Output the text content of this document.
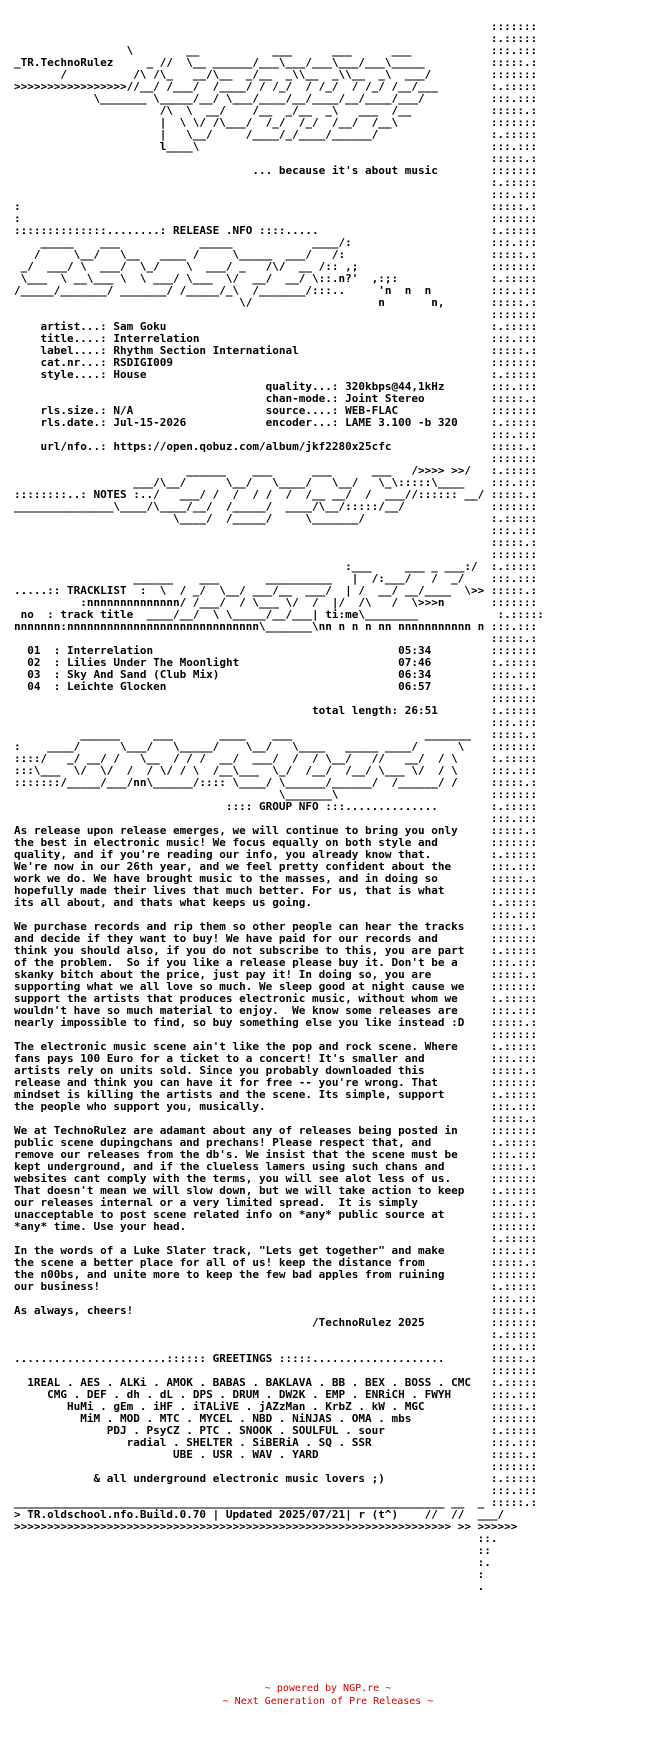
:::::::
:.:::::
\        __           ___      ___      ___            :::.:::
_TR.TechnoRulez	_ //  \__ ______/___\___/___\___/___\_____          :::::.:
/          /\ /\_   __/\__  _/__  _\\__  _\\__  _\  ___/         :::::::
>>>>>>>>>>>>>>>>>//__/ /___/  /____/ / /_/  / /_/  / /_/ /__/___        :.:::::
\_______ \_____/__/ \___/____/__/____/__/____/___/          :::.:::
/\  \  __/    /__  _/__  _\   ___  /__            :::::.:
|  \ \/ /\___/  /_/  /_/  /__/  /__\              :::::::
|   \__/     /____/_/____/______/                 :.:::::
l____\                                            :::.:::
:::::.:
... because it's about music	:::::::
:.:::::
:::.:::
:                                                                       :::::.:
:                                                                       :::::::
::::::::::::::........: RELEASE .NFO ::::.....	:.:::::
_____    ___            _____            ____/:                     :::.:::
/     \__/   \__   ____ /     \_____  ___/   /:                      :::::.:
_/  ___/ \  ___/  \_/    \  ___/ _   /\/  __ /:: ,;                    :::::::
\___  \ __\___ \  \ ___/ \___  \/  __/  __/ \::.n?'  ,:;:              :.:::::
/_____/_______/ _______/ /_____/_\  /_______/:::..     'n  n  n         :::.:::
\/                   n       n,       :::::.:
:::::::
artist...: Sam Goku	:.:::::
title....: Interrelation	:::.:::
label....: Rhythm Section International	:::::.:
cat.nr...: RSDIGI009	:::::::
style....: House	:.:::::
quality...: 320kbps@44,1kHz	:::.:::
chan-mode.: Joint Stereo	:::::.:
rls.size.: N/A                    source....: WEB-FLAC	:::::::
rls.date.: Jul-15-2026            encoder...: LAME 3.100 -b 320	:.:::::
:::.:::
url/nfo..: https://open.qobuz.com/album/jkf2280x25cfc	:::::.:
:::::::
______    ___      ___      ___   />>>> >>/   :.:::::
___/\__/      \__/   \____/   \__/   \_\:::::\____    :::.:::
::::::::..: NOTES :../   ___/ /  /  / /  /  /__ __/  /  ___//:::::: __/ :::::.:
_______________\____/\____/__/  /_____/  ____/\__/:::::/__/             :::::::
\____/  /_____/     \_______/                   :.:::::
:::.:::
:::::.:
:::::::
:___     ___ _ ___:/  :.:::::
______    ___       __________   |  /:___/   /  _/    :::.:::
.....:: TRACKLIST  :  \  / _/  \__/ ___/__  ___/  | /  __/ __/____  \>> :::::.:
:nnnnnnnnnnnnnn/ /___/  / \___ \/  /  |/  /\   /  \>>>n       :::::::
no : track title  ____/__/  \ \_____/__/___| ti:me\________            :.:::::
nnnnnnn:nnnnnnnnnnnnnnnnnnnnnnnnnnnnn\_______\nn n n n nn nnnnnnnnnnn n :::.:::
:::::.:
01  : Interrelation	05:34	:::::::
02  : Lilies Under The Moonlight	07:46	:.:::::
03  : Sky And Sand (Club Mix)	06:34	:::.:::
04  : Leichte Glocken	06:57	:::::.:
:::::::
total length: 26:51	:.:::::
:::.:::
______     ___       ____    ___                    _______   :::::.:
:    ____/      \___/   \_____/    \__/   \____   _____ ____/      \    :::::::
::::/   _/ __/ /   \__  / / /  __/  ___/  /  / \__/   //   __/  / \     :.:::::
:::\___  \/  \/  /  / \/ / \  /__\___  \_/  /__/  /__/ \___ \/  / \     :::.:::
:::::::/_____/___/nn\______/:::: \____/ \______/______/  /______/ /     :::::.:
\_______\                       :::::::
:::: GROUP NFO :::..............	:.:::::
:::.:::
As release upon release emerges, we will continue to bring you only
the best in electronic music! We focus equally on both style and
quality, and if you're reading our info, you already know that.
We're now in our 26th year, and we feel pretty confident about the
work we do. We have brought music to the masses, and in doing so
hopefully made their lives that much better. For us, that is what
its all about, and thats what keeps us going. :::::.:
:::::::
:.:::::
:::.:::
:::::.:
:::::::
:.:::::
:::.:::
We purchase records and rip them so other people can hear the tracks
and decide if they want to buy! We have paid for our records and
think you should also, if you do not subscribe to this, you are part
of the problem.  So if you like a release please buy it. Don't be a
skanky bitch about the price, just pay it! In doing so, you are
supporting what we all love so much. We sleep good at night cause we
support the artists that produces electronic music, without whom we
wouldn't have so much material to enjoy.  We know some releases are
nearly impossible to find, so buy something else you like instead :D :::::.:
:::::::
:.:::::
:::.:::
:::::.:
:::::::
:.:::::
:::.:::
:::::.:
:::::::
The electronic music scene ain't like the pop and rock scene. Where
fans pays 100 Euro for a ticket to a concert! It's smaller and
artists rely on units sold. Since you probably downloaded this
release and think you can have it for free -- you're wrong. That
mindset is killing the artists and the scene. Its simple, support
the people who support you, musically. :.:::::
:::.:::
:::::.:
:::::::
:.:::::
:::.:::
:::::.:
We at TechnoRulez are adamant about any of releases being posted in
public scene dupingchans and prechans! Please respect that, and
remove our releases from the db's. We insist that the scene must be
kept underground, and if the clueless lamers using such chans and
websites cant comply with the terms, you will see alot less of us.
That doesn't mean we will slow down, but we will take action to keep
our releases internal or a very limited spread.  It is simply
unacceptable to post scene related info on *any* public source at
*any* time. Use your head. :::::::
:.:::::
:::.:::
:::::.:
:::::::
:.:::::
:::.:::
:::::.:
:::::::
:.:::::
In the words of a Luke Slater track, "Lets get together" and make
the scene a better place for all of us! keep the distance from
the n00bs, and unite more to keep the few bad apples from ruining
our business! :::.:::
:::::.:
:::::::
:.:::::
:::.:::
As always, cheers!	:::::.:
/TechnoRulez 2025	:::::::
:.:::::
:::.:::
.......................:::::: GREETINGS :::::....................	:::::.:
:::::::
1REAL . AES . ALKi . AMOK . BABAS . BAKLAVA . BB . BEX . BOSS . CMC   :.:::::
CMG . DEF . dh . dL . DPS . DRUM . DW2K . EMP . ENRiCH . FWYH	:::.:::
HuMi . gEm . iHF . iTALiVE . jAZzMan . KrbZ . kW . MGC	:::::.:
MiM . MOD . MTC . MYCEL . NBD . NiNJAS . OMA . mbs	:::::::
PDJ . PsyCZ . PTC . SNOOK . SOULFUL . sour	:.:::::
radial . SHELTER . SiBERiA . SQ . SSR	:::.:::
UBE . USR . WAV . YARD	:::::.:
:::::::
& all underground electronic music lovers ;)	:.:::::
:::.:::
_________________________________________________________________ __  _ :::::.:
> TR.oldschool.nfo.Build.0.70 | Updated 2025/07/21| r (t^)    //  //  ___/
>>>>>>>>>>>>>>>>>>>>>>>>>>>>>>>>>>>>>>>>>>>>>>>>>>>>>>>>>>>>>>>>>> >> >>>>>>
::.
::
:.
:
.

~ powered by NGP.re ~
~ Next Generation of Pre Releases ~
